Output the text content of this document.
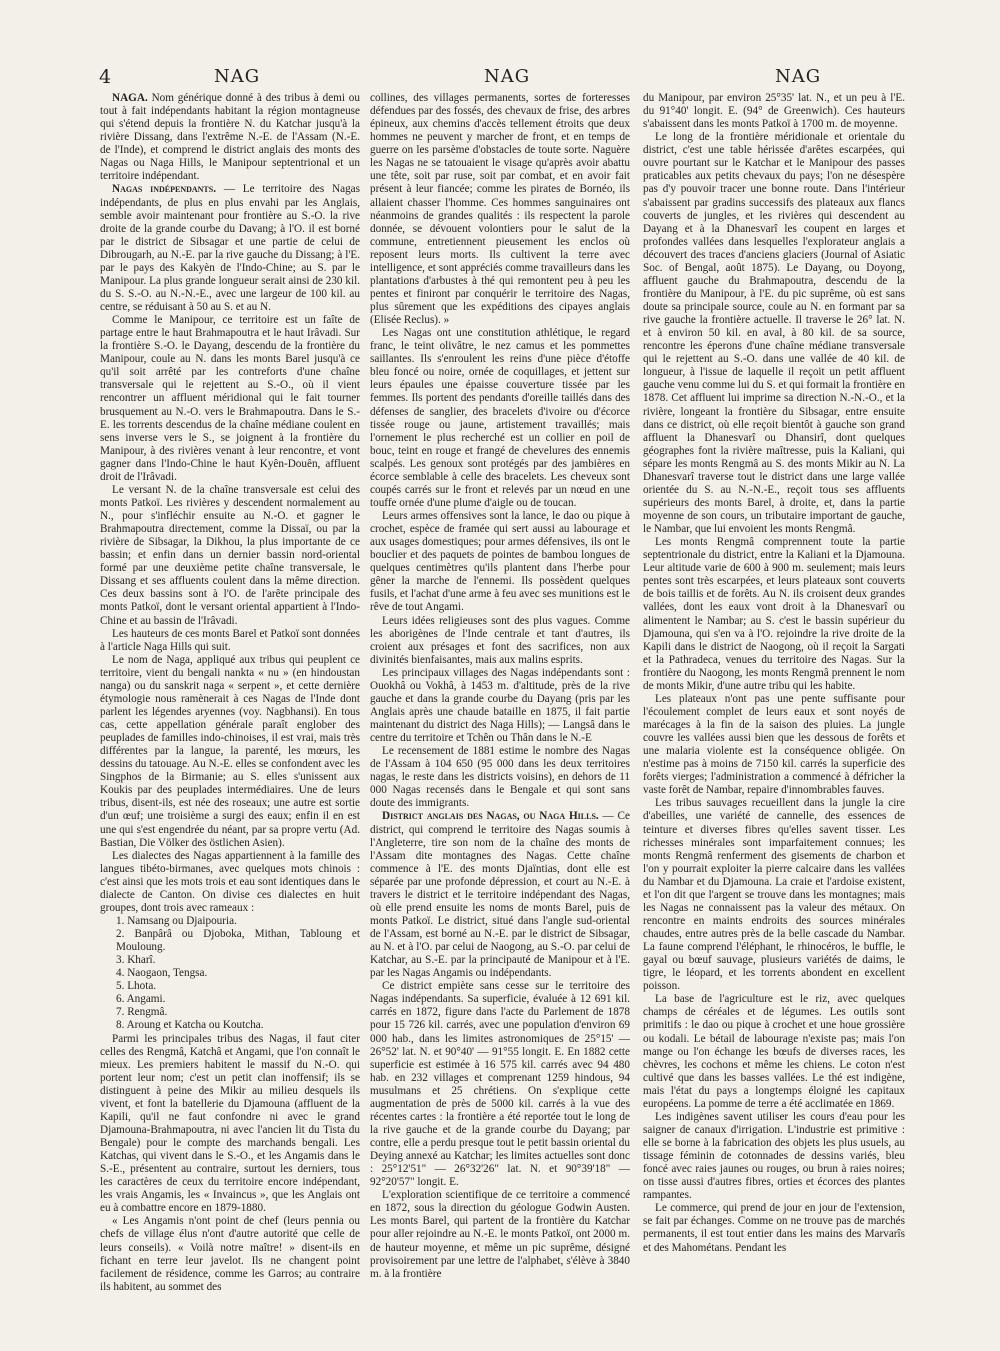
4	NAG	NAG	NAG

NAGA. Nom générique donné à des tribus à demi ou tout à fait indépendants habitant la région montagneuse qui s'étend depuis la frontière N. du Katchar jusqu'à la rivière Dissang, dans l'extrême N.-E. de l'Assam (N.-E. de l'Inde), et comprend le district anglais des monts des Nagas ou Naga Hills, le Manipour septentrional et un territoire indépendant.

Nagas indépendants. — Le territoire des Nagas indépendants, de plus en plus envahi par les Anglais, semble avoir maintenant pour frontière au S.-O. la rive droite de la grande courbe du Davang; à l'O. il est borné par le district de Sibsagar et une partie de celui de Dibrougarh, au N.-E. par la rive gauche du Dissang; à l'E. par le pays des Kakyèn de l'Indo-Chine; au S. par le Manipour. La plus grande longueur serait ainsi de 230 kil. du S. S.-O. au N.-N.-E., avec une largeur de 100 kil. au centre, se réduisant à 50 au S. et au N.

Comme le Manipour, ce territoire est un faîte de partage entre le haut Brahmapoutra et le haut Irâvadi. Sur la frontière S.-O. le Dayang, descendu de la frontière du Manipour, coule au N. dans les monts Barel jusqu'à ce qu'il soit arrêté par les contreforts d'une chaîne transversale qui le rejettent au S.-O., où il vient rencontrer un affluent méridional qui le fait tourner brusquement au N.-O. vers le Brahmapoutra. Dans le S.-E. les torrents descendus de la chaîne médiane coulent en sens inverse vers le S., se joignent à la frontière du Manipour, à des rivières venant à leur rencontre, et vont gagner dans l'Indo-Chine le haut Kyên-Douên, affluent droit de l'Irâvadi.

Le versant N. de la chaîne transversale est celui des monts Patkoï. Les rivières y descendent normalement au N., pour s'infléchir ensuite au N.-O. et gagner le Brahmapoutra directement, comme la Dissaï, ou par la rivière de Sibsagar, la Dikhou, la plus importante de ce bassin; et enfin dans un dernier bassin nord-oriental formé par une deuxième petite chaîne transversale, le Dissang et ses affluents coulent dans la même direction. Ces deux bassins sont à l'O. de l'arête principale des monts Patkoï, dont le versant oriental appartient à l'Indo-Chine et au bassin de l'Irâvadi.

Les hauteurs de ces monts Barel et Patkoï sont données à l'article Naga Hills qui suit.

Le nom de Naga, appliqué aux tribus qui peuplent ce territoire, vient du bengali nankta « nu » (en hindoustan nanga) ou du sanskrit naga « serpent », et cette dernière étymologie nous ramènerait à ces Nagas de l'Inde dont parlent les légendes aryennes (voy. Nagbhansi). En tous cas, cette appellation générale paraît englober des peuplades de familles indo-chinoises, il est vrai, mais très différentes par la langue, la parenté, les mœurs, les dessins du tatouage. Au N.-E. elles se confondent avec les Singphos de la Birmanie; au S. elles s'unissent aux Koukis par des peuplades intermédiaires. Une de leurs tribus, disent-ils, est née des roseaux; une autre est sortie d'un œuf; une troisième a surgi des eaux; enfin il en est une qui s'est engendrée du néant, par sa propre vertu (Ad. Bastian, Die Völker des östlichen Asien).

Les dialectes des Nagas appartiennent à la famille des langues tibéto-birmanes, avec quelques mots chinois : c'est ainsi que les mots trois et eau sont identiques dans le dialecte de Canton. On divise ces dialectes en huit groupes, dont trois avec rameaux :

1. Namsang ou Djaipouria.

2. Banpârâ ou Djoboka, Mithan, Tablоung et Moulоung.

3. Kharî.

4. Naogaon, Tengsa.

5. Lhota.

6. Angami.

7. Rengmâ.

8. Aroung et Katcha ou Koutcha.

Parmi les principales tribus des Nagas, il faut citer celles des Rengmâ, Katchâ et Angami, que l'on connaît le mieux. Les premiers habitent le massif du N.-O. qui portent leur nom; c'est un petit clan inoffensif; ils se distinguent à peine des Mikir au milieu desquels ils vivent, et font la batellerie du Djamouna (affluent de la Kapili, qu'il ne faut confondre ni avec le grand Djamouna-Brahmapoutra, ni avec l'ancien lit du Tista du Bengale) pour le compte des marchands bengali. Les Katchas, qui vivent dans le S.-O., et les Angamis dans le S.-E., présentent au contraire, surtout les derniers, tous les caractères de ceux du territoire encore indépendant, les vrais Angamis, les « Invaincus », que les Anglais ont eu à combattre encore en 1879-1880.

« Les Angamis n'ont point de chef (leurs pennia ou chefs de village élus n'ont d'autre autorité que celle de leurs conseils). « Voilà notre maître! » disent-ils en fichant en terre leur javelot. Ils ne changent point facilement de résidence, comme les Garros; au contraire ils habitent, au sommet des

collines, des villages permanents, sortes de forteresses défendues par des fossés, des chevaux de frise, des arbres épineux, aux chemins d'accès tellement étroits que deux hommes ne peuvent y marcher de front, et en temps de guerre on les parsème d'obstacles de toute sorte. Naguère les Nagas ne se tatouaient le visage qu'après avoir abattu une tête, soit par ruse, soit par combat, et en avoir fait présent à leur fiancée; comme les pirates de Bornéo, ils allaient chasser l'homme. Ces hommes sanguinaires ont néanmoins de grandes qualités : ils respectent la parole donnée, se dévouent volontiers pour le salut de la commune, entretiennent pieusement les enclos où reposent leurs morts. Ils cultivent la terre avec intelligence, et sont appréciés comme travailleurs dans les plantations d'arbustes à thé qui remontent peu à peu les pentes et finiront par conquérir le territoire des Nagas, plus sûrement que les expéditions des cipayes anglais (Elisée Reclus). »

Les Nagas ont une constitution athlétique, le regard franc, le teint olivâtre, le nez camus et les pommettes saillantes. Ils s'enroulent les reins d'une pièce d'étoffe bleu foncé ou noire, ornée de coquillages, et jettent sur leurs épaules une épaisse couverture tissée par les femmes. Ils portent des pendants d'oreille taillés dans des défenses de sanglier, des bracelets d'ivoire ou d'écorce tissée rouge ou jaune, artistement travaillés; mais l'ornement le plus recherché est un collier en poil de bouc, teint en rouge et frangé de chevelures des ennemis scalpés. Les genoux sont protégés par des jambières en écorce semblable à celle des bracelets. Les cheveux sont coupés carrés sur le front et relevés par un nœud en une touffe ornée d'une plume d'aigle ou de toucan.

Leurs armes offensives sont la lance, le dao ou pique à crochet, espèce de framée qui sert aussi au labourage et aux usages domestiques; pour armes défensives, ils ont le bouclier et des paquets de pointes de bambou longues de quelques centimètres qu'ils plantent dans l'herbe pour gêner la marche de l'ennemi. Ils possèdent quelques fusils, et l'achat d'une arme à feu avec ses munitions est le rêve de tout Angami.

Leurs idées religieuses sont des plus vagues. Comme les aborigènes de l'Inde centrale et tant d'autres, ils croient aux présages et font des sacrifices, non aux divinités bienfaisantes, mais aux malins esprits.

Les principaux villages des Nagas indépendants sont : Ouokhâ ou Vokhâ, à 1453 m. d'altitude, près de la rive gauche et dans la grande courbe du Dayang (pris par les Anglais après une chaude bataille en 1875, il fait partie maintenant du district des Naga Hills); — Langsâ dans le centre du territoire et Tchên ou Thân dans le N.-E

Le recensement de 1881 estime le nombre des Nagas de l'Assam à 104 650 (95 000 dans les deux territoires nagas, le reste dans les districts voisins), en dehors de 11 000 Nagas recensés dans le Bengale et qui sont sans doute des immigrants.

District anglais des Nagas, ou Naga Hills. — Ce district, qui comprend le territoire des Nagas soumis à l'Angleterre, tire son nom de la chaîne des monts de l'Assam dite montagnes des Nagas. Cette chaîne commence à l'E. des monts Djaïntias, dont elle est séparée par une profonde dépression, et court au N.-E. à travers le district et le territoire indépendant des Nagas, où elle prend ensuite les noms de monts Barel, puis de monts Patkoï. Le district, situé dans l'angle sud-oriental de l'Assam, est borné au N.-E. par le district de Sibsagar, au N. et à l'O. par celui de Naogong, au S.-O. par celui de Katchar, au S.-E. par la principauté de Manipour et à l'E. par les Nagas Angamis ou indépendants.

Ce district empiète sans cesse sur le territoire des Nagas indépendants. Sa superficie, évaluée à 12 691 kil. carrés en 1872, figure dans l'acte du Parlement de 1878 pour 15 726 kil. carrés, avec une population d'environ 69 000 hab., dans les limites astronomiques de 25°15' — 26°52' lat. N. et 90°40' — 91°55 longit. E. En 1882 cette superficie est estimée à 16 575 kil. carrés avec 94 480 hab. en 232 villages et comprenant 1259 hindous, 94 musulmans et 25 chrétiens. On s'explique cette augmentation de près de 5000 kil. carrés à la vue des récentes cartes : la frontière a été reportée tout le long de la rive gauche et de la grande courbe du Dayang; par contre, elle a perdu presque tout le petit bassin oriental du Deying annexé au Katchar; les limites actuelles sont donc : 25°12'51" — 26°32'26" lat. N. et 90°39'18" — 92°20'57" longit. E.

L'exploration scientifique de ce territoire a commencé en 1872, sous la direction du géologue Godwin Austen. Les monts Barel, qui partent de la frontière du Katchar pour aller rejoindre au N.-E. le monts Patkoï, ont 2000 m. de hauteur moyenne, et même un pic suprême, désigné provisoirement par une lettre de l'alphabet, s'élève à 3840 m. à la frontière

du Manipour, par environ 25°35' lat. N., et un peu à l'E. du 91°40' longit. E. (94° de Greenwich). Ces hauteurs s'abaissent dans les monts Patkoï à 1700 m. de moyenne.

Le long de la frontière méridionale et orientale du district, c'est une table hérissée d'arêtes escarpées, qui ouvre pourtant sur le Katchar et le Manipour des passes praticables aux petits chevaux du pays; l'on ne désespère pas d'y pouvoir tracer une bonne route. Dans l'intérieur s'abaissent par gradins successifs des plateaux aux flancs couverts de jungles, et les rivières qui descendent au Dayang et à la Dhanesvarî les coupent en larges et profondes vallées dans lesquelles l'explorateur anglais a découvert des traces d'anciens glaciers (Journal of Asiatic Soc. of Bengal, août 1875). Le Dayang, ou Doyong, affluent gauche du Brahmapoutra, descendu de la frontière du Manipour, à l'E. du pic suprême, où est sans doute sa principale source, coule au N. en formant par sa rive gauche la frontière actuelle. Il traverse le 26° lat. N. et à environ 50 kil. en aval, à 80 kil. de sa source, rencontre les éperons d'une chaîne médiane transversale qui le rejettent au S.-O. dans une vallée de 40 kil. de longueur, à l'issue de laquelle il reçoit un petit affluent gauche venu comme lui du S. et qui formait la frontière en 1878. Cet affluent lui imprime sa direction N.-N.-O., et la rivière, longeant la frontière du Sibsagar, entre ensuite dans ce district, où elle reçoit bientôt à gauche son grand affluent la Dhanesvarî ou Dhansirî, dont quelques géographes font la rivière maîtresse, puis la Kaliani, qui sépare les monts Rengmâ au S. des monts Mikir au N. La Dhanesvarî traverse tout le district dans une large vallée orientée du S. au N.-N.-E., reçoit tous ses affluents supérieurs des monts Barel, à droite, et, dans la partie moyenne de son cours, un tributaire important de gauche, le Nambar, que lui envoient les monts Rengmâ.

Les monts Rengmâ comprennent toute la partie septentrionale du district, entre la Kaliani et la Djamouna. Leur altitude varie de 600 à 900 m. seulement; mais leurs pentes sont très escarpées, et leurs plateaux sont couverts de bois taillis et de forêts. Au N. ils croisent deux grandes vallées, dont les eaux vont droit à la Dhanesvarî ou alimentent le Nambar; au S. c'est le bassin supérieur du Djamouna, qui s'en va à l'O. rejoindre la rive droite de la Kapili dans le district de Naogong, où il reçoit la Sargati et la Pathradeca, venues du territoire des Nagas. Sur la frontière du Naogong, les monts Rengmâ prennent le nom de monts Mikir, d'une autre tribu qui les habite.

Les plateaux n'ont pas une pente suffisante pour l'écoulement complet de leurs eaux et sont noyés de marécages à la fin de la saison des pluies. La jungle couvre les vallées aussi bien que les dessous de forêts et une malaria violente est la conséquence obligée. On n'estime pas à moins de 7150 kil. carrés la superficie des forêts vierges; l'administration a commencé à défricher la vaste forêt de Nambar, repaire d'innombrables fauves.

Les tribus sauvages recueillent dans la jungle la cire d'abeilles, une variété de cannelle, des essences de teinture et diverses fibres qu'elles savent tisser. Les richesses minérales sont imparfaitement connues; les monts Rengmâ renferment des gisements de charbon et l'on y pourrait exploiter la pierre calcaire dans les vallées du Nambar et du Djamouna. La craie et l'ardoise existent, et l'on dit que l'argent se trouve dans les montagnes; mais les Nagas ne connaissent pas la valeur des métaux. On rencontre en maints endroits des sources minérales chaudes, entre autres près de la belle cascade du Nambar. La faune comprend l'éléphant, le rhinocéros, le buffle, le gayal ou bœuf sauvage, plusieurs variétés de daims, le tigre, le léopard, et les torrents abondent en excellent poisson.

La base de l'agriculture est le riz, avec quelques champs de céréales et de légumes. Les outils sont primitifs : le dao ou pique à crochet et une houe grossière ou kodali. Le bétail de labourage n'existe pas; mais l'on mange ou l'on échange les bœufs de diverses races, les chèvres, les cochons et même les chiens. Le coton n'est cultivé que dans les basses vallées. Le thé est indigène, mais l'état du pays a longtemps éloigné les capitaux européens. La pomme de terre a été acclimatée en 1869.

Les indigènes savent utiliser les cours d'eau pour les saigner de canaux d'irrigation. L'industrie est primitive : elle se borne à la fabrication des objets les plus usuels, au tissage féminin de cotonnades de dessins variés, bleu foncé avec raies jaunes ou rouges, ou brun à raies noires; on tisse aussi d'autres fibres, orties et écorces des plantes rampantes.

Le commerce, qui prend de jour en jour de l'extension, se fait par échanges. Comme on ne trouve pas de marchés permanents, il est tout entier dans les mains des Marvarîs et des Mahométans. Pendant les
